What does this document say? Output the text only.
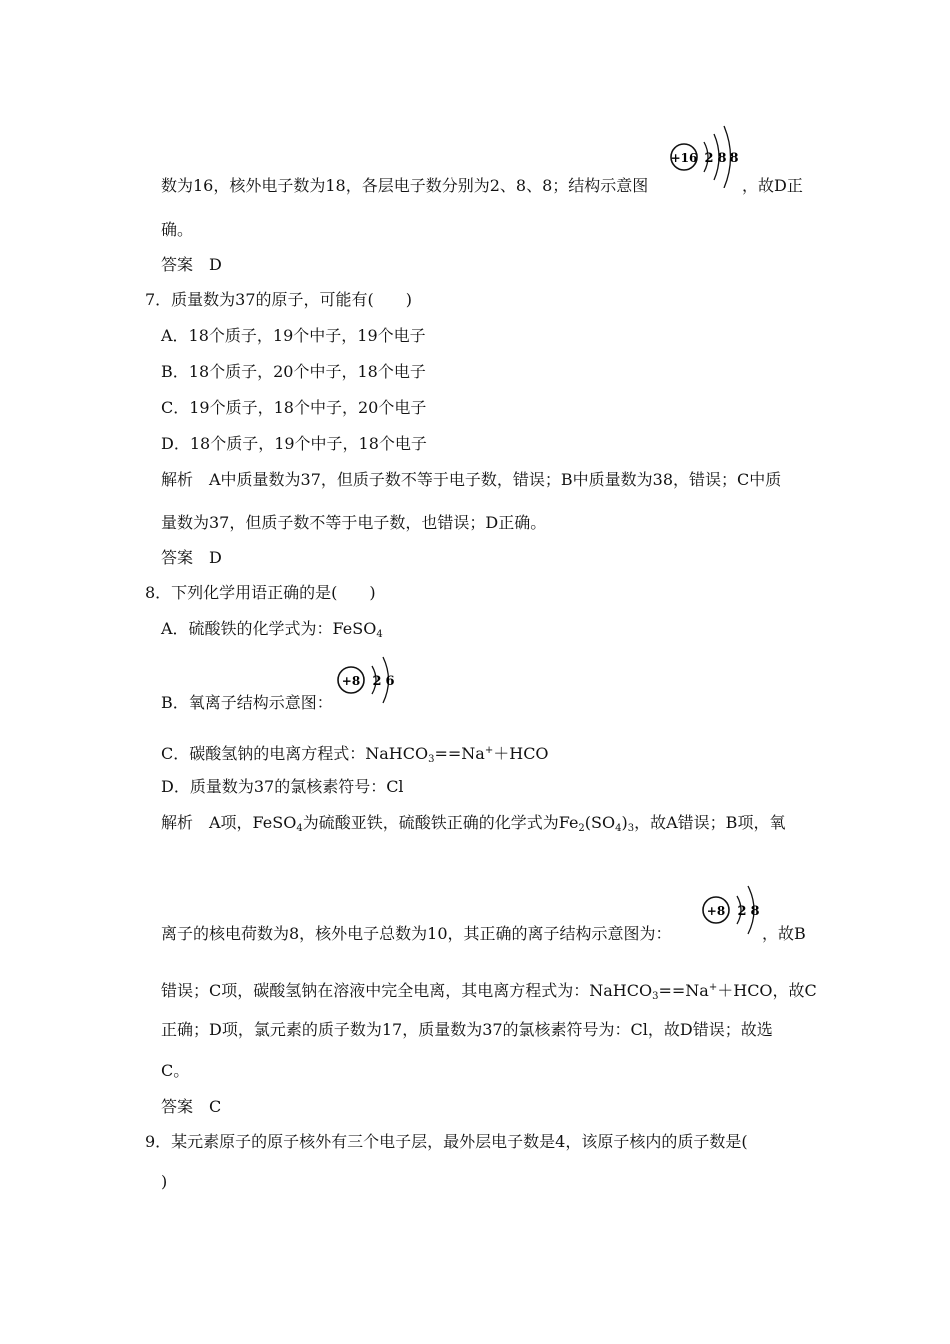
数为16，核外电子数为18，各层电子数分别为2、8、8；结构示意图
+16 2 8 8
，故D正
确。
答案　D
7．质量数为37的原子，可能有(　　)
A．18个质子，19个中子，19个电子
B．18个质子，20个中子，18个电子
C．19个质子，18个中子，20个电子
D．18个质子，19个中子，18个电子
解析　A中质量数为37，但质子数不等于电子数，错误；B中质量数为38，错误；C中质
量数为37，但质子数不等于电子数，也错误；D正确。
答案　D
8．下列化学用语正确的是(　　)
A．硫酸铁的化学式为：FeSO$_4$
B．氧离子结构示意图：
+8 2 6
C．碳酸氢钠的电离方程式：NaHCO$_3$==Na+＋HCO
D．质量数为37的氯核素符号：Cl
解析　A项，FeSO$_4$为硫酸亚铁，硫酸铁正确的化学式为$Fe_2(SO_4)_3$，故A错误；B项，氧
离子的核电荷数为8，核外电子总数为10，其正确的离子结构示意图为：
+8 2 8
，故B
错误；C项，碳酸氢钠在溶液中完全电离，其电离方程式为：NaHCO$_3$==Na+＋HCO，故C
正确；D项，氯元素的质子数为17，质量数为37的氯核素符号为：Cl，故D错误；故选
C。
答案　C
9．某元素原子的原子核外有三个电子层，最外层电子数是4，该原子核内的质子数是(
)
